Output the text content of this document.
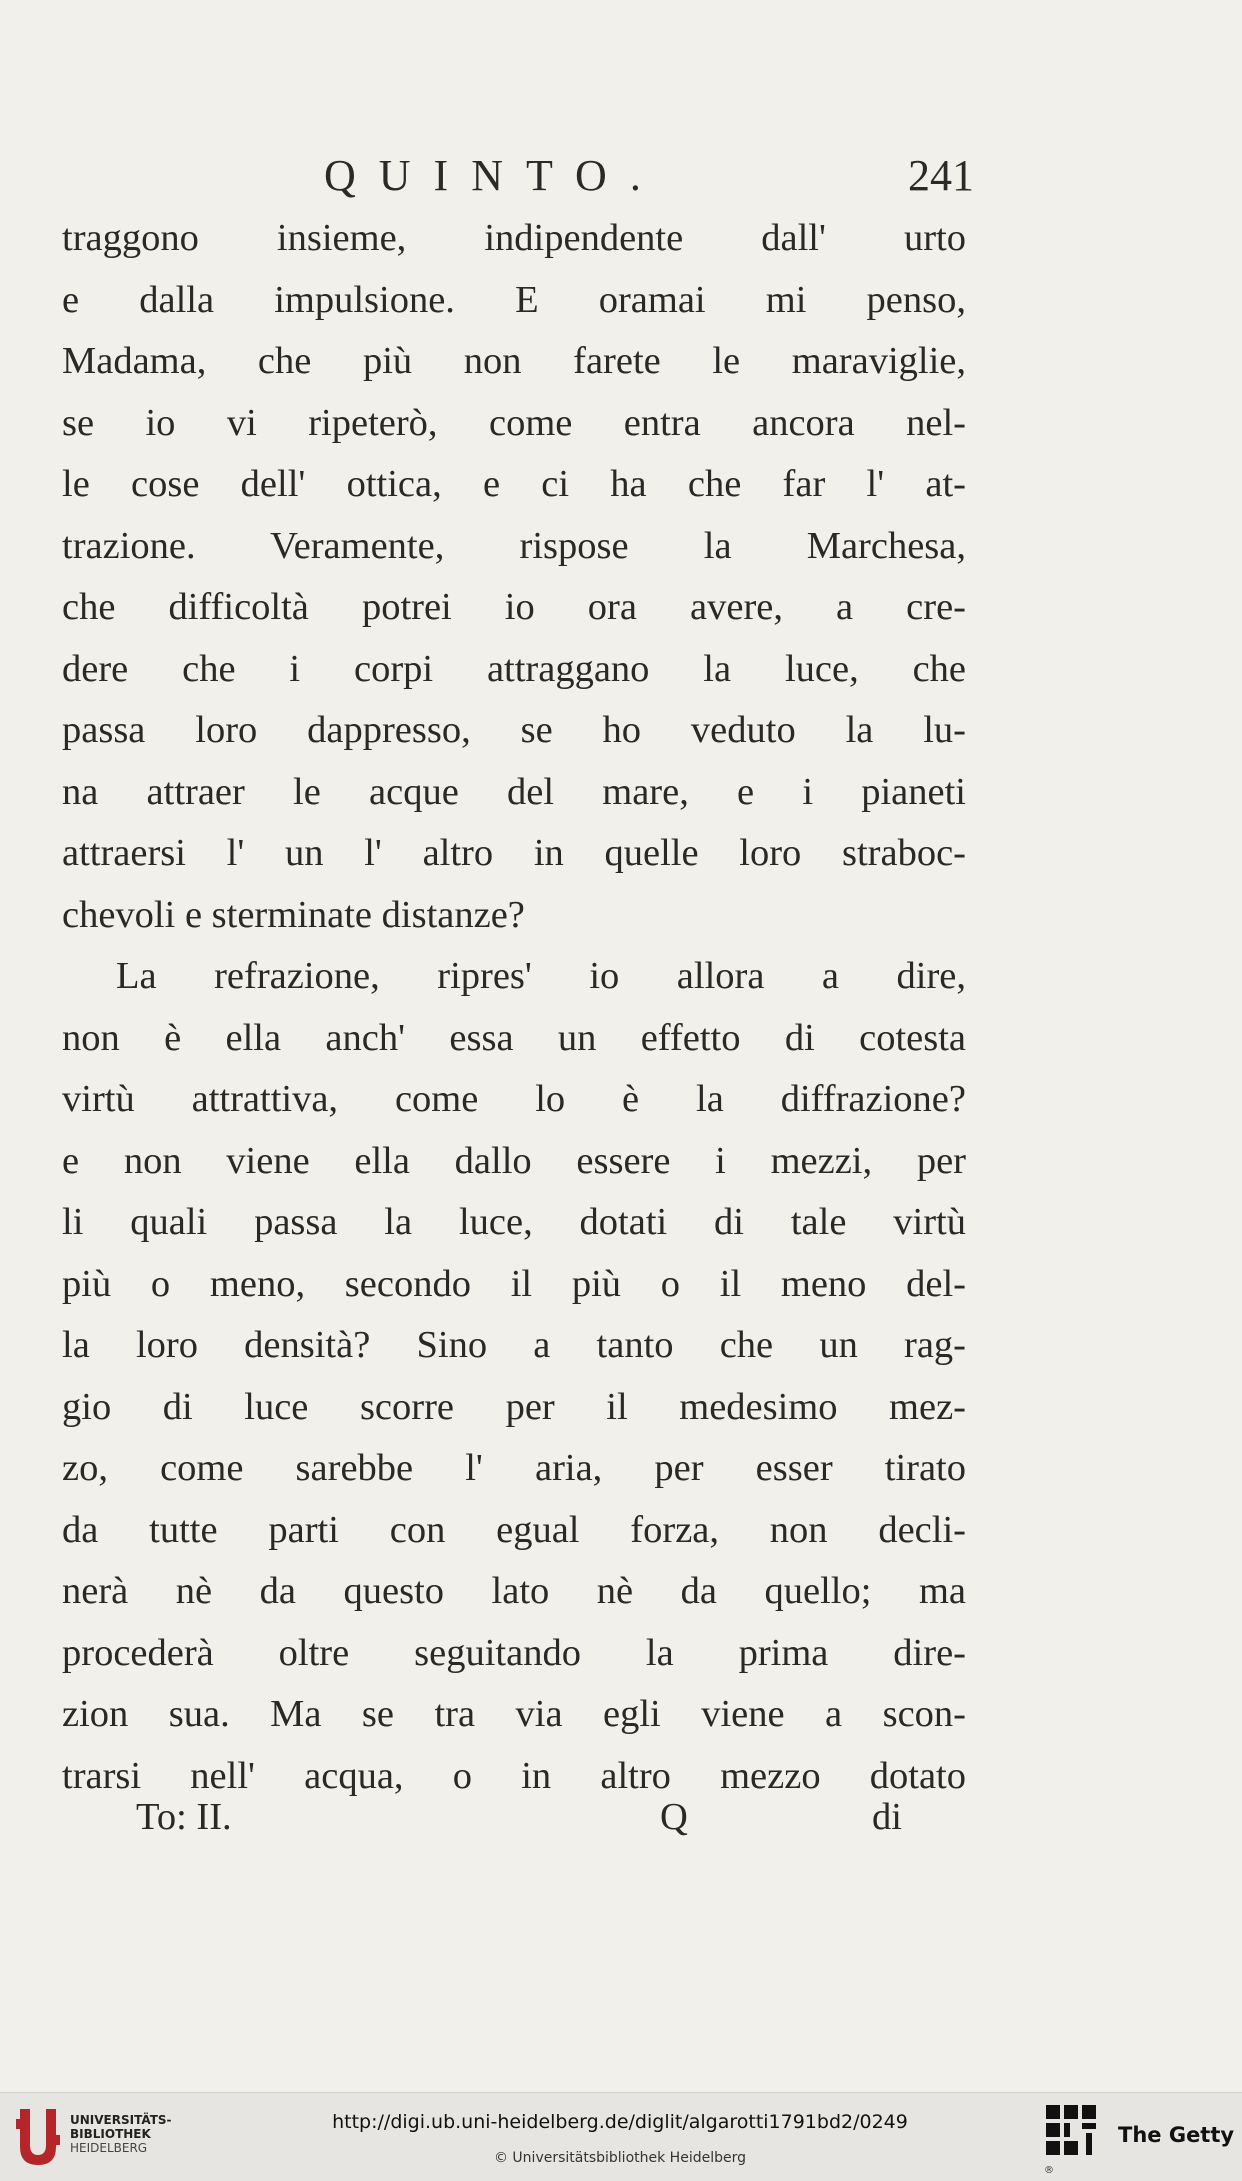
QUINTO.	241
traggono insieme, indipendente dall' urto
e dalla impulsione. E oramai mi penso,
Madama, che più non farete le maraviglie,
se io vi ripeterò, come entra ancora nel-
le cose dell' ottica, e ci ha che far l' at-
trazione. Veramente, rispose la Marchesa,
che difficoltà potrei io ora avere, a cre-
dere che i corpi attraggano la luce, che
passa loro dappresso, se ho veduto la lu-
na attraer le acque del mare, e i pianeti
attraersi l' un l' altro in quelle loro straboc-
chevoli e sterminate distanze?
La refrazione, ripres' io allora a dire,
non è ella anch' essa un effetto di cotesta
virtù attrattiva, come lo è la diffrazione?
e non viene ella dallo essere i mezzi, per
li quali passa la luce, dotati di tale virtù
più o meno, secondo il più o il meno del-
la loro densità? Sino a tanto che un rag-
gio di luce scorre per il medesimo mez-
zo, come sarebbe l' aria, per esser tirato
da tutte parti con egual forza, non decli-
nerà nè da questo lato nè da quello; ma
procederà oltre seguitando la prima dire-
zion sua. Ma se tra via egli viene a scon-
trarsi nell' acqua, o in altro mezzo dotato
To: II.	Q	di
UNIVERSITÄTS-
BIBLIOTHEK
HEIDELBERG
http://digi.ub.uni-heidelberg.de/diglit/algarotti1791bd2/0249
© Universitätsbibliothek Heidelberg
®
The Getty
